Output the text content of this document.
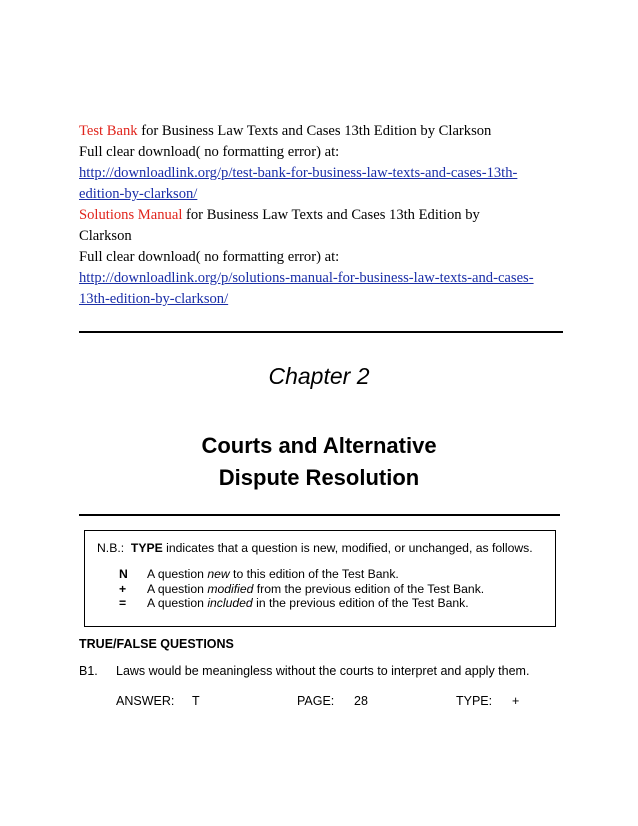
Test Bank for Business Law Texts and Cases 13th Edition by Clarkson
Full clear download( no formatting error) at:
http://downloadlink.org/p/test-bank-for-business-law-texts-and-cases-13th-
edition-by-clarkson/
Solutions Manual for Business Law Texts and Cases 13th Edition by
Clarkson
Full clear download( no formatting error) at:
http://downloadlink.org/p/solutions-manual-for-business-law-texts-and-cases-
13th-edition-by-clarkson/
Chapter 2
Courts and Alternative
Dispute Resolution
N.B.: TYPE indicates that a question is new, modified, or unchanged, as follows.
N A question new to this edition of the Test Bank.
+ A question modified from the previous edition of the Test Bank.
= A question included in the previous edition of the Test Bank.
TRUE/FALSE QUESTIONS
B1. Laws would be meaningless without the courts to interpret and apply them.
ANSWER: T	PAGE: 28	TYPE: +
